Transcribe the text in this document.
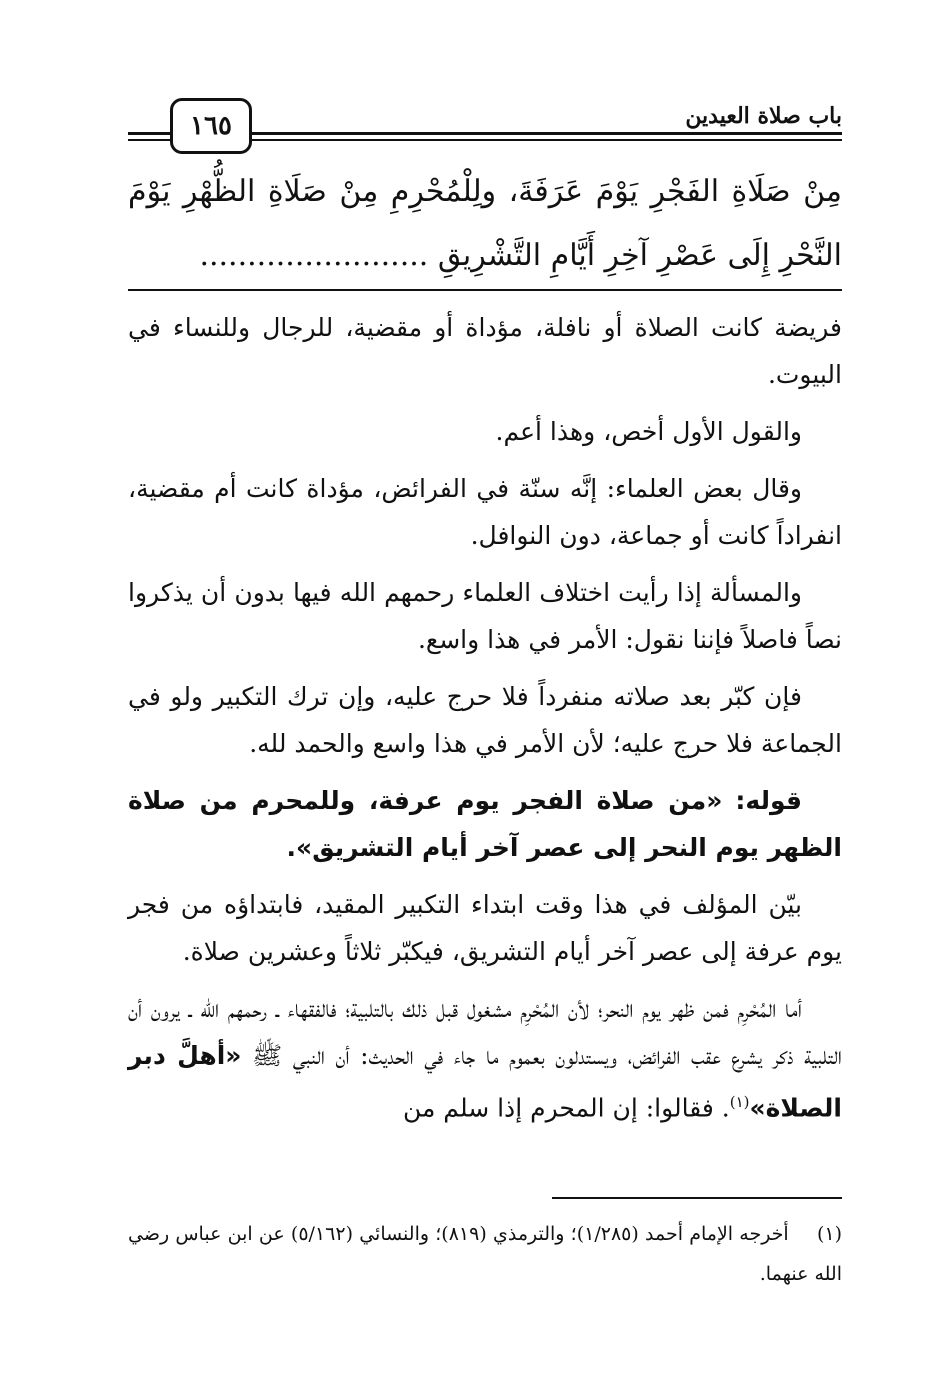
باب صلاة العيدين
١٦٥
مِنْ صَلَاةِ الفَجْرِ يَوْمَ عَرَفَةَ، ولِلْمُحْرِمِ مِنْ صَلَاةِ الظُّهْرِ يَوْمَ النَّحْرِ إِلَى عَصْرِ آخِرِ أَيَّامِ التَّشْرِيقِ ........................

فريضة كانت الصلاة أو نافلة، مؤداة أو مقضية، للرجال وللنساء في البيوت.

والقول الأول أخص، وهذا أعم.

وقال بعض العلماء: إنَّه سنّة في الفرائض، مؤداة كانت أم مقضية، انفراداً كانت أو جماعة، دون النوافل.

والمسألة إذا رأيت اختلاف العلماء رحمهم الله فيها بدون أن يذكروا نصاً فاصلاً فإننا نقول: الأمر في هذا واسع.

فإن كبّر بعد صلاته منفرداً فلا حرج عليه، وإن ترك التكبير ولو في الجماعة فلا حرج عليه؛ لأن الأمر في هذا واسع والحمد لله.

قوله: «من صلاة الفجر يوم عرفة، وللمحرم من صلاة الظهر يوم النحر إلى عصر آخر أيام التشريق».

بيّن المؤلف في هذا وقت ابتداء التكبير المقيد، فابتداؤه من فجر يوم عرفة إلى عصر آخر أيام التشريق، فيكبّر ثلاثاً وعشرين صلاة.

أما المُحْرِم فمن ظهر يوم النحر؛ لأن المُحْرِم مشغول قبل ذلك بالتلبية؛ فالفقهاء ـ رحمهم الله ـ يرون أن التلبية ذكر يشرع عقب الفرائض، ويستدلون بعموم ما جاء في الحديث: أن النبي ﷺ «أهلَّ دبر الصلاة»$^{(١)}$. فقالوا: إن المحرم إذا سلم من

(١) أخرجه الإمام أحمد (١/٢٨٥)؛ والترمذي (٨١٩)؛ والنسائي (٥/١٦٢) عن ابن عباس رضي الله عنهما.
